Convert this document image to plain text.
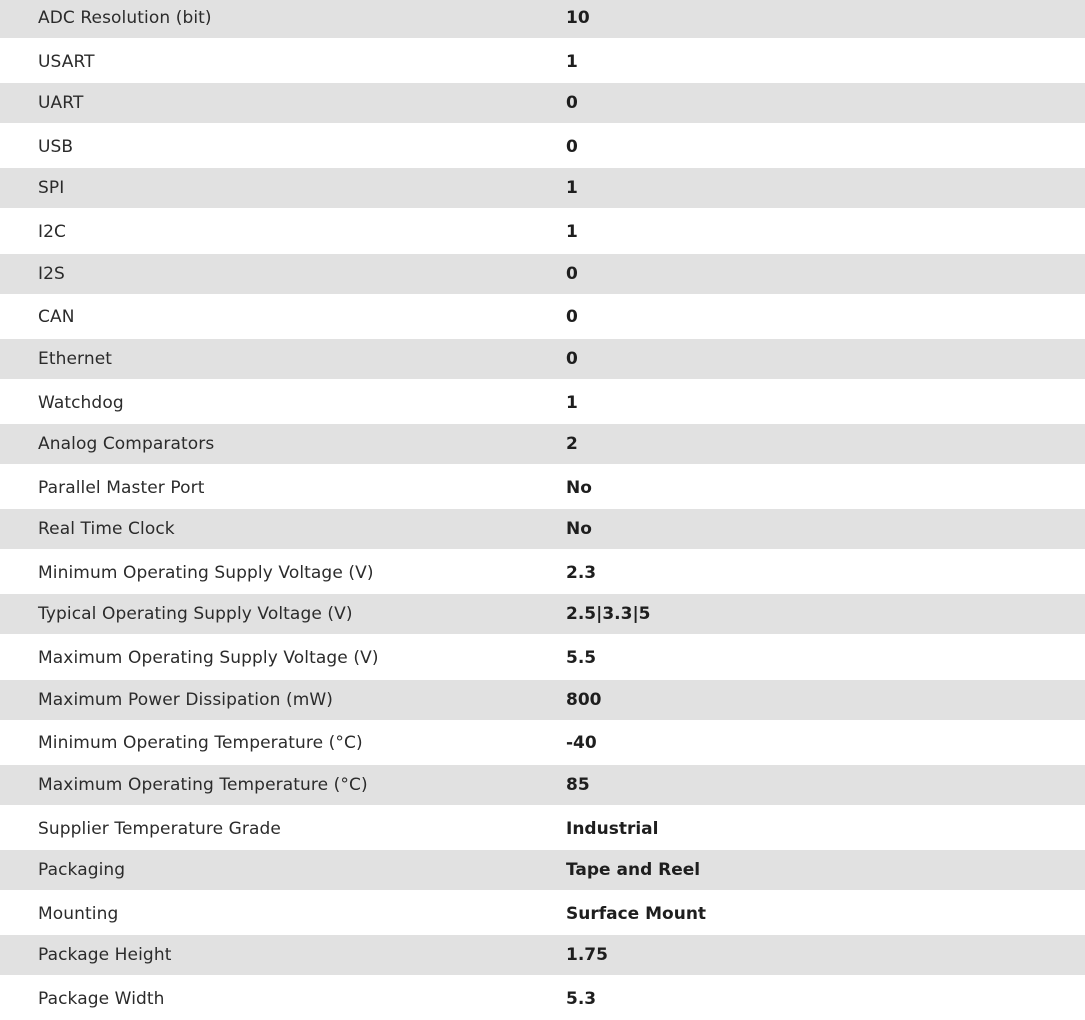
ADC Resolution (bit)	10
USART	1
UART	0
USB	0
SPI	1
I2C	1
I2S	0
CAN	0
Ethernet	0
Watchdog	1
Analog Comparators	2
Parallel Master Port	No
Real Time Clock	No
Minimum Operating Supply Voltage (V)	2.3
Typical Operating Supply Voltage (V)	2.5|3.3|5
Maximum Operating Supply Voltage (V)	5.5
Maximum Power Dissipation (mW)	800
Minimum Operating Temperature (°C)	-40
Maximum Operating Temperature (°C)	85
Supplier Temperature Grade	Industrial
Packaging	Tape and Reel
Mounting	Surface Mount
Package Height	1.75
Package Width	5.3
